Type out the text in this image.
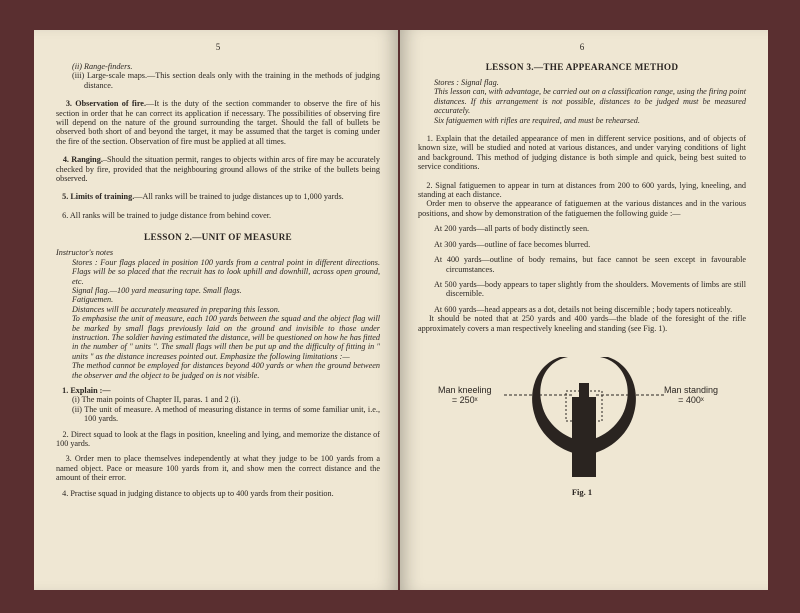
5

(ii) Range-finders.

(iii) Large-scale maps.—This section deals only with the training in the methods of judging distance.

3. Observation of fire.—It is the duty of the section commander to observe the fire of his section in order that he can correct its application if necessary. The possibilities of observing fire will depend on the nature of the ground surrounding the target. Should the fall of bullets be observed both short of and beyond the target, it may be assumed that the target is coming under the fire of the section. Observation of fire must be applied at all times.

4. Ranging.–Should the situation permit, ranges to objects within arcs of fire may be accurately checked by fire, provided that the neighbouring ground allows of the strike of the bullets being observed.

5. Limits of training.—All ranks will be trained to judge distances up to 1,000 yards.

6. All ranks will be trained to judge distance from behind cover.

LESSON 2.—UNIT OF MEASURE

Instructor's notes

Stores : Four flags placed in position 100 yards from a central point in different directions. Flags will be so placed that the recruit has to look uphill and downhill, across open ground, etc.

Signal flag.—100 yard measuring tape. Small flags.

Fatiguemen.

Distances will be accurately measured in preparing this lesson.

To emphasise the unit of measure, each 100 yards between the squad and the object flag will be marked by small flags previously laid on the ground and invisible to those under instruction. The soldier having estimated the distance, will be questioned on how he has fitted in the number of " units ". The small flags will then be put up and the difficulty of fitting in " units " as the distance increases pointed out. Emphasize the following limitations :—

The method cannot be employed for distances beyond 400 yards or when the ground between the observer and the object to be judged on is not visible.

1. Explain :—

(i) The main points of Chapter II, paras. 1 and 2 (i).

(ii) The unit of measure. A method of measuring distance in terms of some familiar unit, i.e., 100 yards.

2. Direct squad to look at the flags in position, kneeling and lying, and memorize the distance of 100 yards.

3. Order men to place themselves independently at what they judge to be 100 yards from a named object. Pace or measure 100 yards from it, and show men the correct distance and the amount of their error.

4. Practise squad in judging distance to objects up to 400 yards from their position.

6
LESSON 3.—THE APPEARANCE METHOD

Stores : Signal flag.

This lesson can, with advantage, be carried out on a classification range, using the firing point distances. If this arrangement is not possible, distances to be judged must be measured accurately.

Six fatiguemen with rifles are required, and must be rehearsed.

1. Explain that the detailed appearance of men in different service positions, and of objects of known size, will be studied and noted at various distances, and under varying conditions of light and background. This method of judging distance is both simple and quick, being best suited to service conditions.

2. Signal fatiguemen to appear in turn at distances from 200 to 600 yards, lying, kneeling, and standing at each distance.

Order men to observe the appearance of fatiguemen at the various distances and in the various positions, and show by demonstration of the fatiguemen the following guide :—

At 200 yards—all parts of body distinctly seen.

At 300 yards—outline of face becomes blurred.

At 400 yards—outline of body remains, but face cannot be seen except in favourable circumstances.

At 500 yards—body appears to taper slightly from the shoulders. Movements of limbs are still discernible.

At 600 yards—head appears as a dot, details not being discernible ; body tapers noticeably.

It should be noted that at 250 yards and 400 yards—the blade of the foresight of the rifle approximately covers a man respectively kneeling and standing (see Fig. 1).

Man kneeling
= 250ˣ
Man standing
= 400ˣ
Fig. 1
